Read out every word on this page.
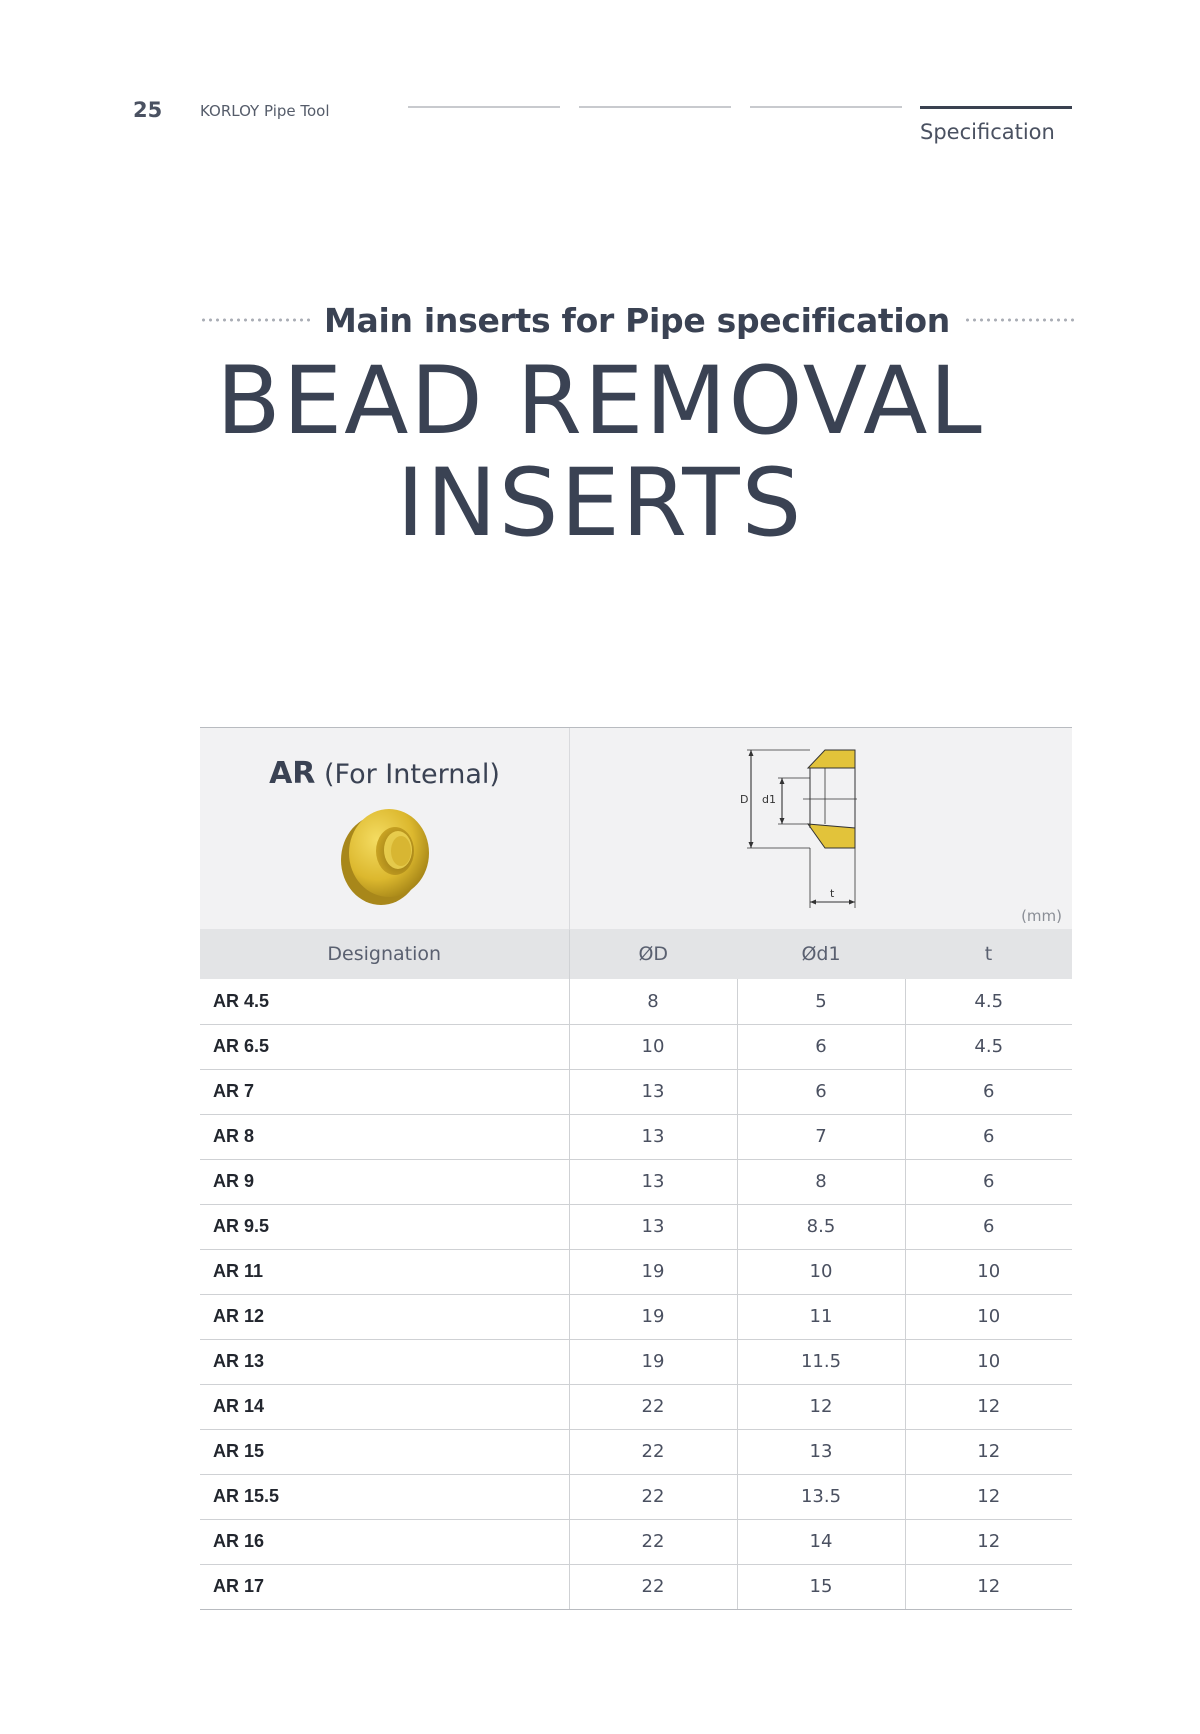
25	KORLOY Pipe Tool
Specification
Main inserts for Pipe specification
BEAD REMOVAL
INSERTS
AR (For Internal)
D d1
t
(mm)
Designation	ØD	Ød1	t
AR 4.5	8	5	4.5
AR 6.5	10	6	4.5
AR 7	13	6	6
AR 8	13	7	6
AR 9	13	8	6
AR 9.5	13	8.5	6
AR 11	19	10	10
AR 12	19	11	10
AR 13	19	11.5	10
AR 14	22	12	12
AR 15	22	13	12
AR 15.5	22	13.5	12
AR 16	22	14	12
AR 17	22	15	12
